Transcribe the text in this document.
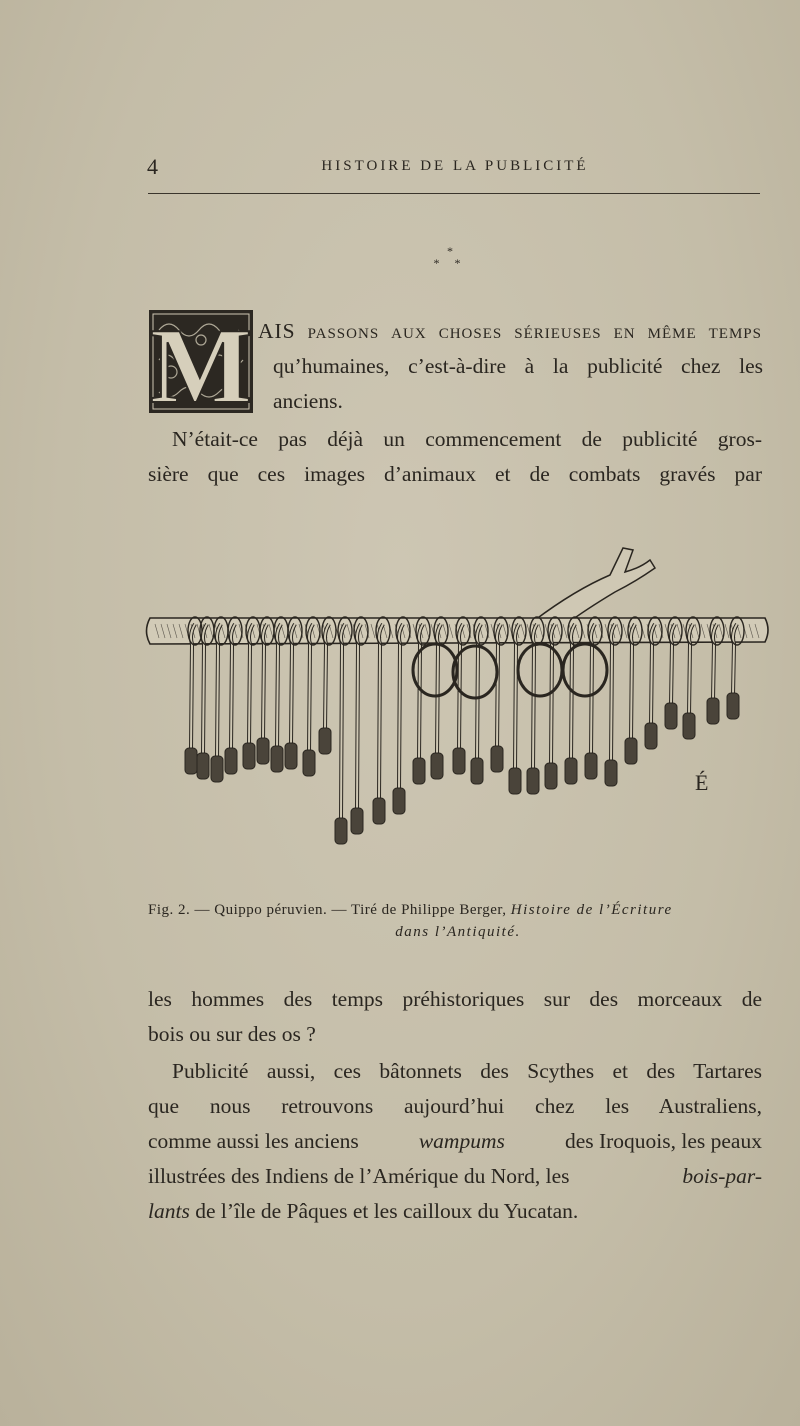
4	HISTOIRE DE LA PUBLICITÉ
*
* *
M AIS passons aux choses sérieuses en même temps
qu’humaines, c’est-à-dire à la publicité chez les
anciens.
N’était-ce pas déjà un commencement de publicité gros-
sière que ces images d’animaux et de combats gravés par
É
Fig. 2. — Quippo péruvien. — Tiré de Philippe Berger, Histoire de l’Écriture
dans l’Antiquité.
les hommes des temps préhistoriques sur des morceaux de
bois ou sur des os ?
Publicité aussi, ces bâtonnets des Scythes et des Tartares
que nous retrouvons aujourd’hui chez les Australiens,
comme aussi les anciens	wampums	des Iroquois, les peaux
illustrées des Indiens de l’Amérique du Nord, les	bois-par-
lants de l’île de Pâques et les cailloux du Yucatan.
